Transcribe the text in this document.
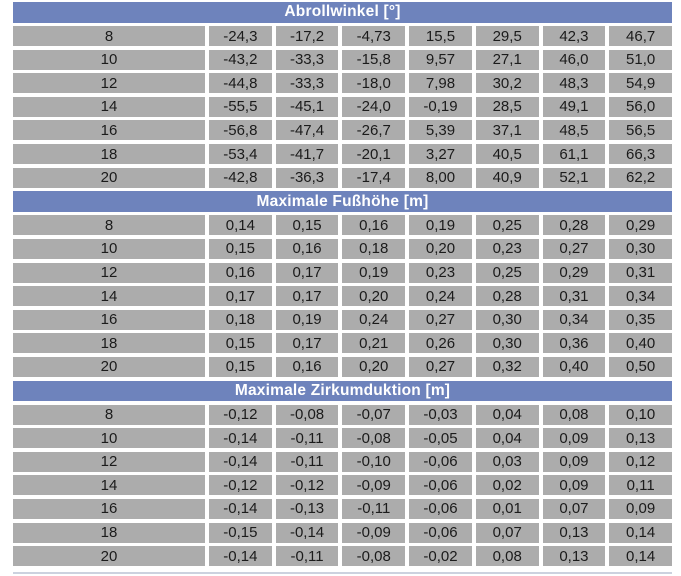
Abrollwinkel [°]
8	-24,3	-17,2	-4,73	15,5	29,5	42,3	46,7
10	-43,2	-33,3	-15,8	9,57	27,1	46,0	51,0
12	-44,8	-33,3	-18,0	7,98	30,2	48,3	54,9
14	-55,5	-45,1	-24,0	-0,19	28,5	49,1	56,0
16	-56,8	-47,4	-26,7	5,39	37,1	48,5	56,5
18	-53,4	-41,7	-20,1	3,27	40,5	61,1	66,3
20	-42,8	-36,3	-17,4	8,00	40,9	52,1	62,2
Maximale Fußhöhe [m]
8	0,14	0,15	0,16	0,19	0,25	0,28	0,29
10	0,15	0,16	0,18	0,20	0,23	0,27	0,30
12	0,16	0,17	0,19	0,23	0,25	0,29	0,31
14	0,17	0,17	0,20	0,24	0,28	0,31	0,34
16	0,18	0,19	0,24	0,27	0,30	0,34	0,35
18	0,15	0,17	0,21	0,26	0,30	0,36	0,40
20	0,15	0,16	0,20	0,27	0,32	0,40	0,50
Maximale Zirkumduktion [m]
8	-0,12	-0,08	-0,07	-0,03	0,04	0,08	0,10
10	-0,14	-0,11	-0,08	-0,05	0,04	0,09	0,13
12	-0,14	-0,11	-0,10	-0,06	0,03	0,09	0,12
14	-0,12	-0,12	-0,09	-0,06	0,02	0,09	0,11
16	-0,14	-0,13	-0,11	-0,06	0,01	0,07	0,09
18	-0,15	-0,14	-0,09	-0,06	0,07	0,13	0,14
20	-0,14	-0,11	-0,08	-0,02	0,08	0,13	0,14
